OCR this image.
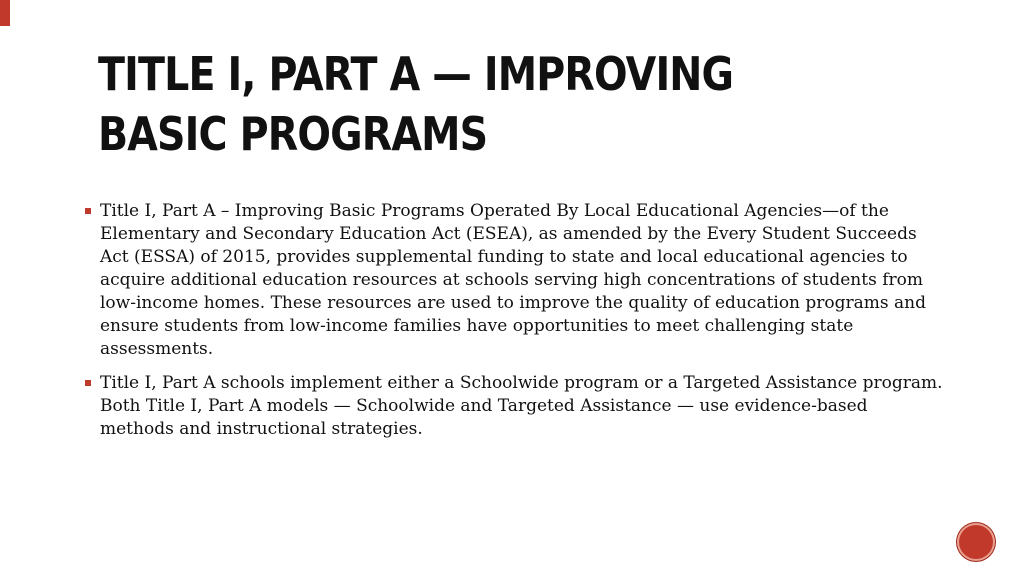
TITLE I, PART A — IMPROVING BASIC PROGRAMS
Title I, Part A – Improving Basic Programs Operated By Local Educational Agencies—of the Elementary and Secondary Education Act (ESEA), as amended by the Every Student Succeeds Act (ESSA) of 2015, provides supplemental funding to state and local educational agencies to acquire additional education resources at schools serving high concentrations of students from low-income homes. These resources are used to improve the quality of education programs and ensure students from low-income families have opportunities to meet challenging state assessments.
Title I, Part A schools implement either a Schoolwide program or a Targeted Assistance program. Both Title I, Part A models — Schoolwide and Targeted Assistance — use evidence-based methods and instructional strategies.
